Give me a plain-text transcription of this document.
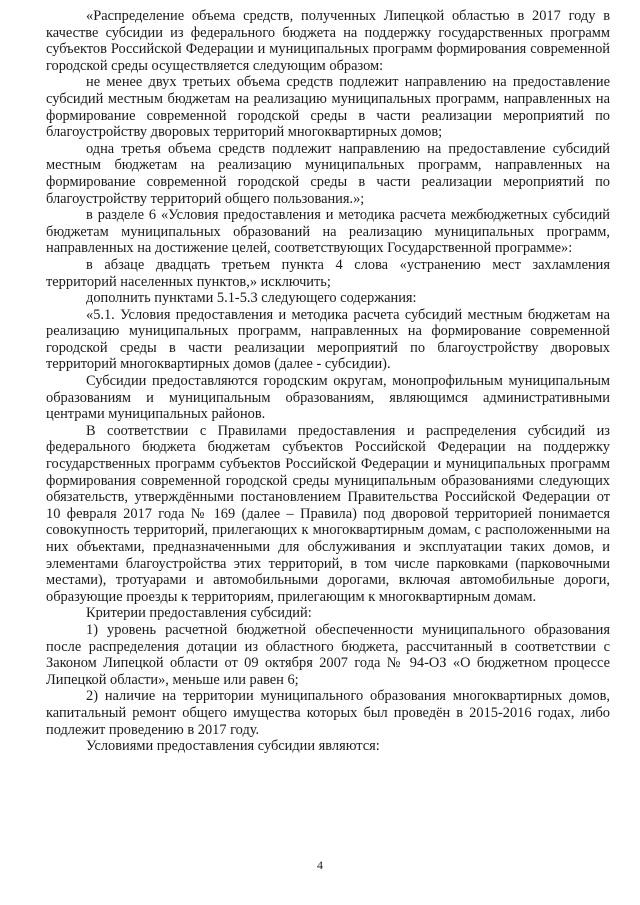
«Распределение объема средств, полученных Липецкой областью в 2017 году в качестве субсидии из федерального бюджета на поддержку государственных программ субъектов Российской Федерации и муниципальных программ формирования современной городской среды осуществляется следующим образом:

не менее двух третьих объема средств подлежит направлению на предоставление субсидий местным бюджетам на реализацию муниципальных программ, направленных на формирование современной городской среды в части реализации мероприятий по благоустройству дворовых территорий многоквартирных домов;

одна третья объема средств подлежит направлению на предоставление субсидий местным бюджетам на реализацию муниципальных программ, направленных на формирование современной городской среды в части реализации мероприятий по благоустройству территорий общего пользования.»;

в разделе 6 «Условия предоставления и методика расчета межбюджетных субсидий бюджетам муниципальных образований на реализацию муниципальных программ, направленных на достижение целей, соответствующих Государственной программе»:

в абзаце двадцать третьем пункта 4 слова «устранению мест захламления территорий населенных пунктов,» исключить;

дополнить пунктами 5.1-5.3 следующего содержания:

«5.1. Условия предоставления и методика расчета субсидий местным бюджетам на реализацию муниципальных программ, направленных на формирование современной городской среды в части реализации мероприятий по благоустройству дворовых территорий многоквартирных домов (далее - субсидии).

Субсидии предоставляются городским округам, монопрофильным муниципальным образованиям и муниципальным образованиям, являющимся административными центрами муниципальных районов.

В соответствии с Правилами предоставления и распределения субсидий из федерального бюджета бюджетам субъектов Российской Федерации на поддержку государственных программ субъектов Российской Федерации и муниципальных программ формирования современной городской среды муниципальным образованиями следующих обязательств, утверждёнными постановлением Правительства Российской Федерации от 10 февраля 2017 года № 169 (далее – Правила) под дворовой территорией понимается совокупность территорий, прилегающих к многоквартирным домам, с расположенными на них объектами, предназначенными для обслуживания и эксплуатации таких домов, и элементами благоустройства этих территорий, в том числе парковками (парковочными местами), тротуарами и автомобильными дорогами, включая автомобильные дороги, образующие проезды к территориям, прилегающим к многоквартирным домам.

Критерии предоставления субсидий:

1) уровень расчетной бюджетной обеспеченности муниципального образования после распределения дотации из областного бюджета, рассчитанный в соответствии с Законом Липецкой области от 09 октября 2007 года № 94-ОЗ «О бюджетном процессе Липецкой области», меньше или равен 6;

2) наличие на территории муниципального образования многоквартирных домов, капитальный ремонт общего имущества которых был проведён в 2015-2016 годах, либо подлежит проведению в 2017 году.

Условиями предоставления субсидии являются:

4
